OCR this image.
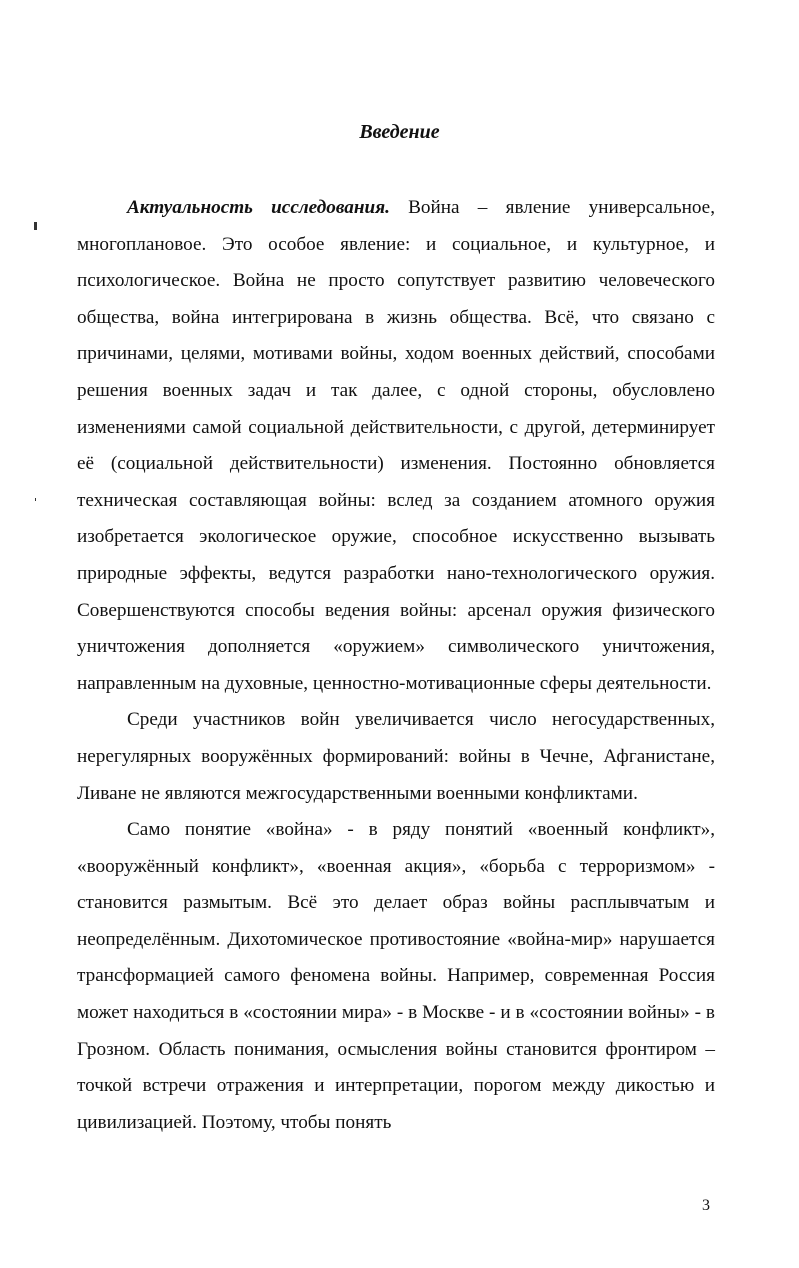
Введение

Актуальность исследования. Война – явление универсальное, многоплановое. Это особое явление: и социальное, и культурное, и психологическое. Война не просто сопутствует развитию человеческого общества, война интегрирована в жизнь общества. Всё, что связано с причинами, целями, мотивами войны, ходом военных действий, способами решения военных задач и так далее, с одной стороны, обусловлено изменениями самой социальной действительности, с другой, детерминирует её (социальной действительности) изменения. Постоянно обновляется техническая составляющая войны: вслед за созданием атомного оружия изобретается экологическое оружие, способное искусственно вызывать природные эффекты, ведутся разработки нано-технологического оружия. Совершенствуются способы ведения войны: арсенал оружия физического уничтожения дополняется «оружием» символического уничтожения, направленным на духовные, ценностно-мотивационные сферы деятельности.

Среди участников войн увеличивается число негосударственных, нерегулярных вооружённых формирований: войны в Чечне, Афганистане, Ливане не являются межгосударственными военными конфликтами.

Само понятие «война» - в ряду понятий «военный конфликт», «вооружённый конфликт», «военная акция», «борьба с терроризмом» - становится размытым. Всё это делает образ войны расплывчатым и неопределённым. Дихотомическое противостояние «война-мир» нарушается трансформацией самого феномена войны. Например, современная Россия может находиться в «состоянии мира» - в Москве - и в «состоянии войны» - в Грозном. Область понимания, осмысления войны становится фронтиром – точкой встречи отражения и интерпретации, порогом между дикостью и цивилизацией. Поэтому, чтобы понять

3
